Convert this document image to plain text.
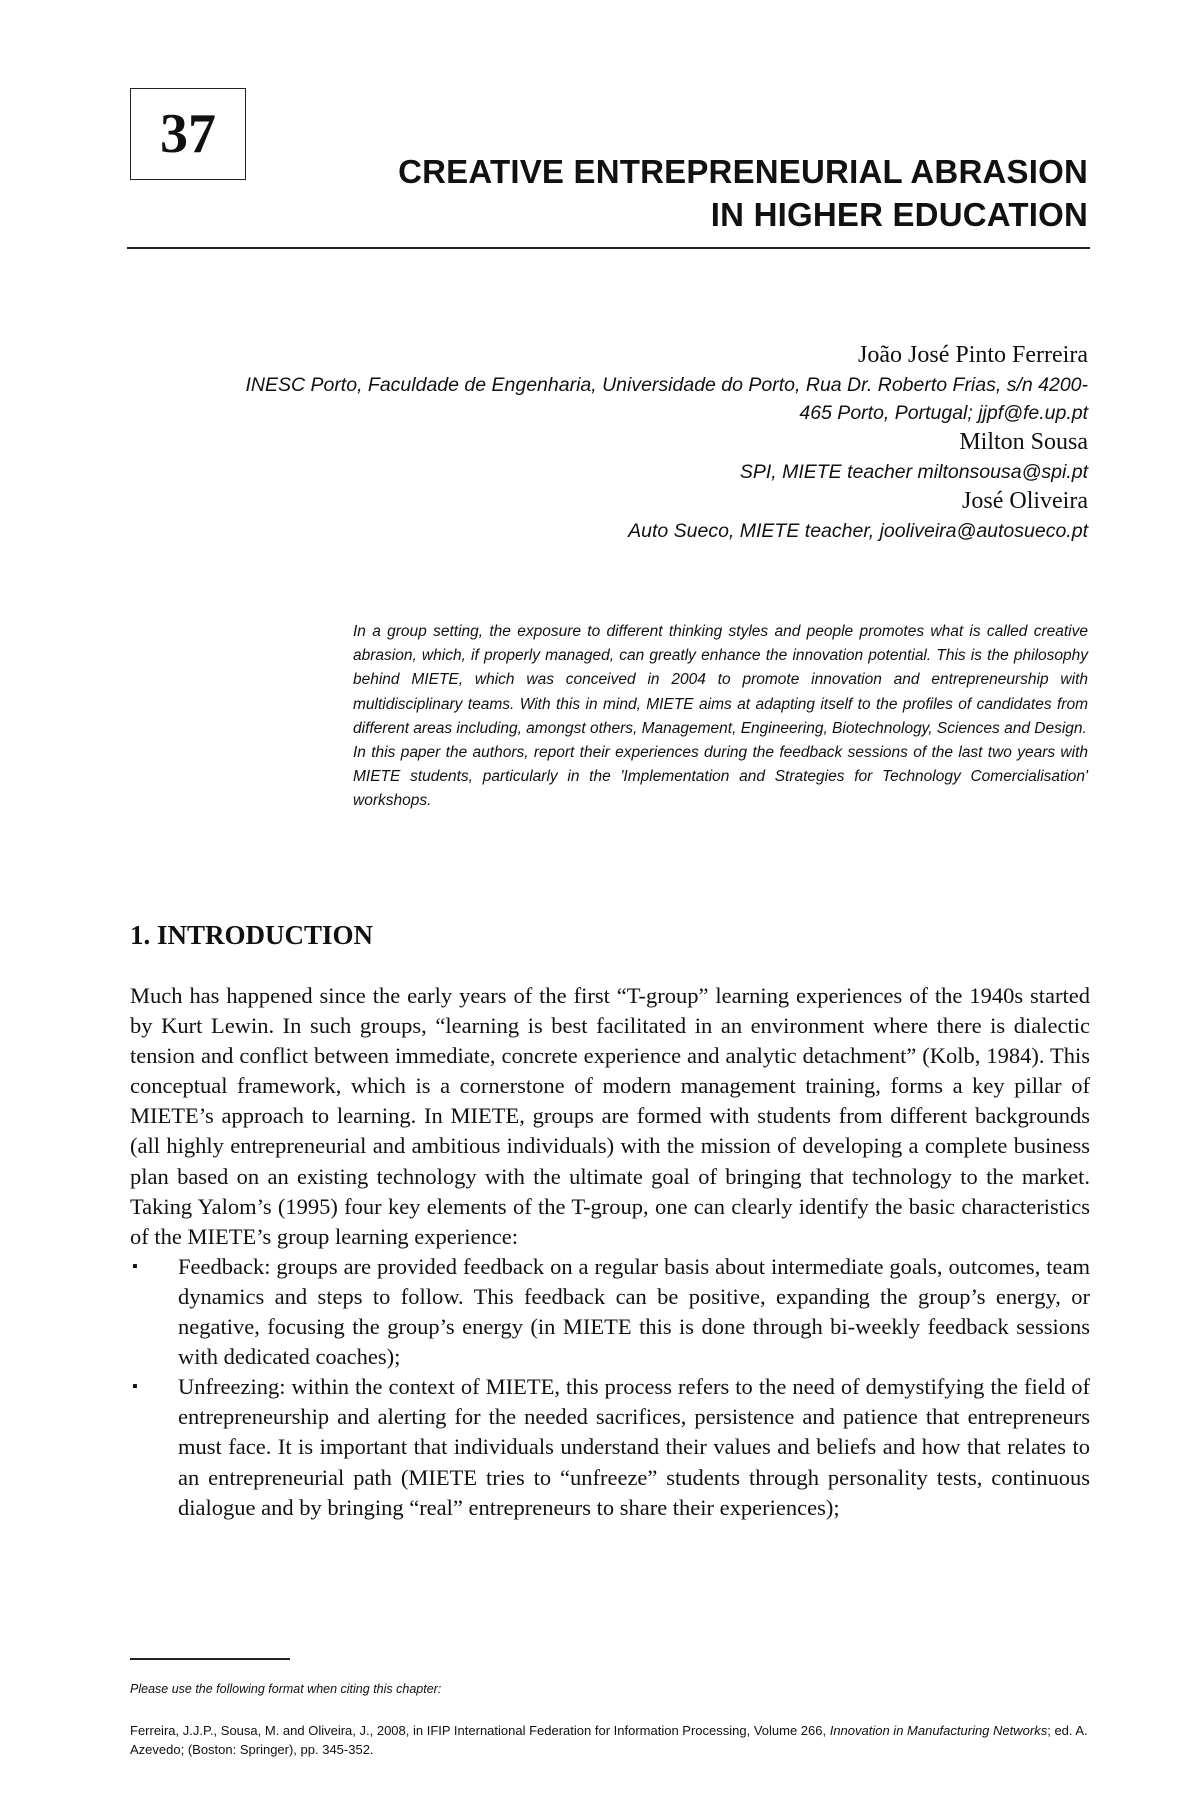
37
CREATIVE ENTREPRENEURIAL ABRASION
IN HIGHER EDUCATION
João José Pinto Ferreira
INESC Porto, Faculdade de Engenharia, Universidade do Porto, Rua Dr. Roberto Frias, s/n 4200-
465 Porto, Portugal; jjpf@fe.up.pt
Milton Sousa
SPI, MIETE teacher miltonsousa@spi.pt
José Oliveira
Auto Sueco, MIETE teacher, jooliveira@autosueco.pt

In a group setting, the exposure to different thinking styles and people promotes what is called creative abrasion, which, if properly managed, can greatly enhance the innovation potential. This is the philosophy behind MIETE, which was conceived in 2004 to promote innovation and entrepreneurship with multidisciplinary teams. With this in mind, MIETE aims at adapting itself to the profiles of candidates from different areas including, amongst others, Management, Engineering, Biotechnology, Sciences and Design.

In this paper the authors, report their experiences during the feedback sessions of the last two years with MIETE students, particularly in the 'Implementation and Strategies for Technology Comercialisation' workshops.

1. INTRODUCTION

Much has happened since the early years of the first “T-group” learning experiences of the 1940s started by Kurt Lewin. In such groups, “learning is best facilitated in an environment where there is dialectic tension and conflict between immediate, concrete experience and analytic detachment” (Kolb, 1984). This conceptual framework, which is a cornerstone of modern management training, forms a key pillar of MIETE’s approach to learning. In MIETE, groups are formed with students from different backgrounds (all highly entrepreneurial and ambitious individuals) with the mission of developing a complete business plan based on an existing technology with the ultimate goal of bringing that technology to the market. Taking Yalom’s (1995) four key elements of the T-group, one can clearly identify the basic characteristics of the MIETE’s group learning experience:

▪ Feedback: groups are provided feedback on a regular basis about intermediate goals, outcomes, team dynamics and steps to follow. This feedback can be positive, expanding the group’s energy, or negative, focusing the group’s energy (in MIETE this is done through bi-weekly feedback sessions with dedicated coaches);
▪ Unfreezing: within the context of MIETE, this process refers to the need of demystifying the field of entrepreneurship and alerting for the needed sacrifices, persistence and patience that entrepreneurs must face. It is important that individuals understand their values and beliefs and how that relates to an entrepreneurial path (MIETE tries to “unfreeze” students through personality tests, continuous dialogue and by bringing “real” entrepreneurs to share their experiences);
Please use the following format when citing this chapter:
Ferreira, J.J.P., Sousa, M. and Oliveira, J., 2008, in IFIP International Federation for Information Processing, Volume 266, Innovation in Manufacturing Networks; ed. A. Azevedo; (Boston: Springer), pp. 345-352.
